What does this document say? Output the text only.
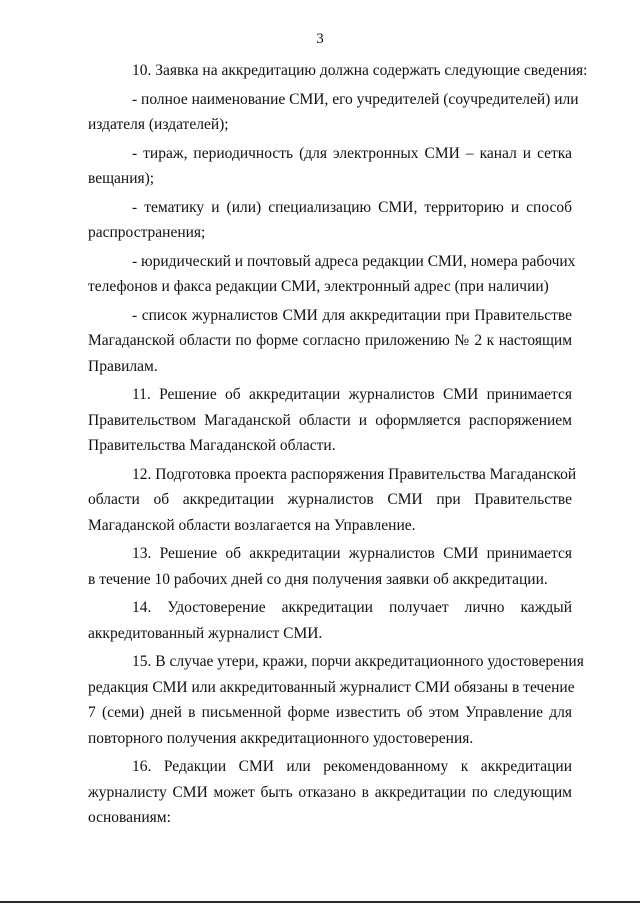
3
10. Заявка на аккредитацию должна содержать следующие сведения:
- полное наименование СМИ, его учредителей (соучредителей) или
издателя (издателей);
- тираж, периодичность (для электронных СМИ – канал и сетка
вещания);
- тематику и (или) специализацию СМИ, территорию и способ
распространения;
- юридический и почтовый адреса редакции СМИ, номера рабочих
телефонов и факса редакции СМИ, электронный адрес (при наличии)
- список журналистов СМИ для аккредитации при Правительстве
Магаданской области по форме согласно приложению № 2 к настоящим
Правилам.
11. Решение об аккредитации журналистов СМИ принимается
Правительством Магаданской области и оформляется распоряжением
Правительства Магаданской области.
12. Подготовка проекта распоряжения Правительства Магаданской
области об аккредитации журналистов СМИ при Правительстве
Магаданской области возлагается на Управление.
13. Решение об аккредитации журналистов СМИ принимается
в течение 10 рабочих дней со дня получения заявки об аккредитации.
14. Удостоверение аккредитации получает лично каждый
аккредитованный журналист СМИ.
15. В случае утери, кражи, порчи аккредитационного удостоверения
редакция СМИ или аккредитованный журналист СМИ обязаны в течение
7 (семи) дней в письменной форме известить об этом Управление для
повторного получения аккредитационного удостоверения.
16. Редакции СМИ или рекомендованному к аккредитации
журналисту СМИ может быть отказано в аккредитации по следующим
основаниям:
